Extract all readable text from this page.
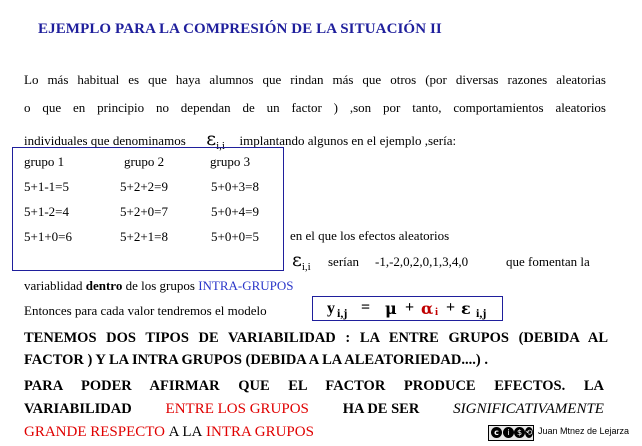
EJEMPLO PARA LA COMPRESIÓN DE LA SITUACIÓN II
Lo más habitual es que haya alumnos que rindan más que otros (por diversas razones aleatorias
o que en principio no dependan de un factor ) ,son por tanto, comportamientos aleatorios
individuales que denominamos $\varepsilon_{i,i}$ implantando algunos en el ejemplo ,sería:
grupo 1	grupo 2	grupo 3
5+1-1=5	5+2+2=9	5+0+3=8
5+1-2=4	5+2+0=7	5+0+4=9
5+1+0=6	5+2+1=8	5+0+0=5 en el que los efectos aleatorios
$\varepsilon_{i,i}$ serían -1,-2,0,2,0,1,3,4,0	que fomentan la
variablidad dentro de los grupos INTRA-GRUPOS
Entonces para cada valor tendremos el modelo	y i,j = μ + α i + ε i,j
TENEMOS DOS TIPOS DE VARIABILIDAD : LA ENTRE GRUPOS (DEBIDA AL
FACTOR ) Y LA INTRA GRUPOS (DEBIDA A LA ALEATORIEDAD....) .
PARA PODER AFIRMAR QUE EL FACTOR PRODUCE EFECTOS. LA
VARIABILIDAD ENTRE LOS GRUPOS HA DE SER SIGNIFICATIVAMENTE
GRANDE RESPECTO A LA INTRA GRUPOS	c	i $ ⟲ Juan Mtnez de Lejarza
